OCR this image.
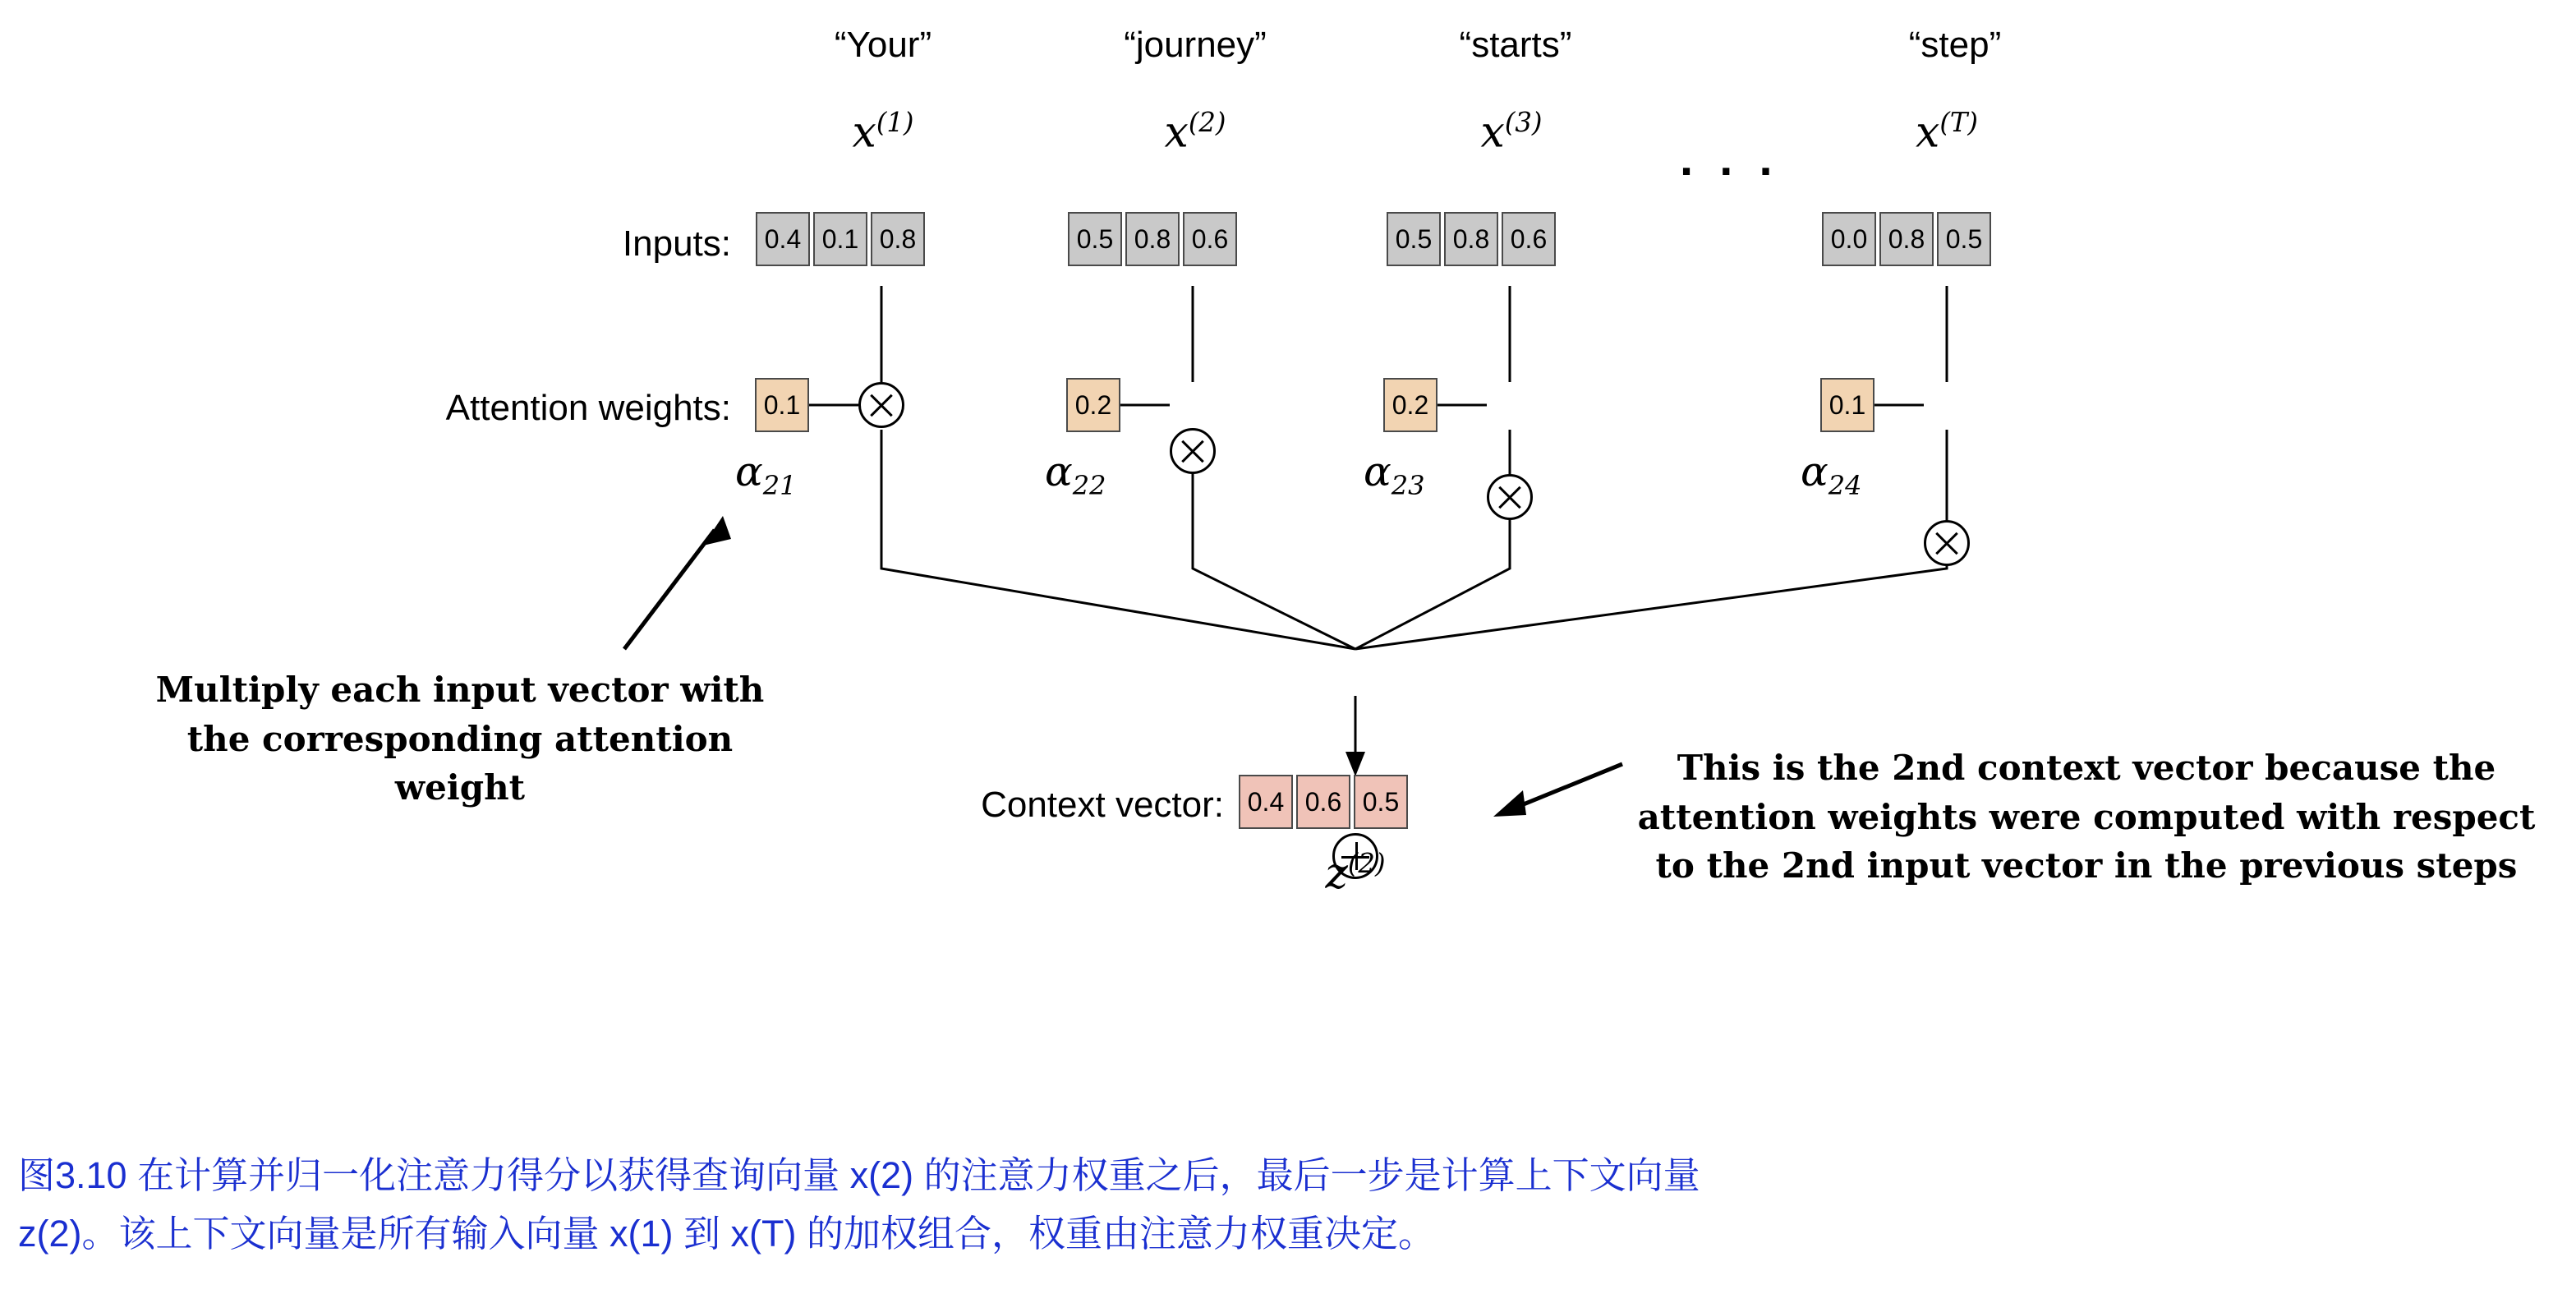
“Your”	“journey”	“starts”	“step”
$x^{(1)}$	$x^{(2)}$	$x^{(3)}$	$x^{(T)}$
. . .
Inputs:	0.4 0.1 0.8	0.5 0.8 0.6	0.5 0.8 0.6	0.0 0.8 0.5
Attention weights:	0.1	0.2	0.2	0.1
$\alpha_{21}$	$\alpha_{22}$	$\alpha_{23}$	$\alpha_{24}$
Context vector: 0.4 0.6 0.5
$z^{(2)}$
Multiply each input vector with the corresponding attention weight	This is the 2nd context vector because the attention weights were computed with respect to the 2nd input vector in the previous steps
图3.10 在计算并归一化注意力得分以获得查询向量 x(2) 的注意力权重之后，最后一步是计算上下文向量
z(2)。该上下文向量是所有输入向量 x(1) 到 x(T) 的加权组合，权重由注意力权重决定。
